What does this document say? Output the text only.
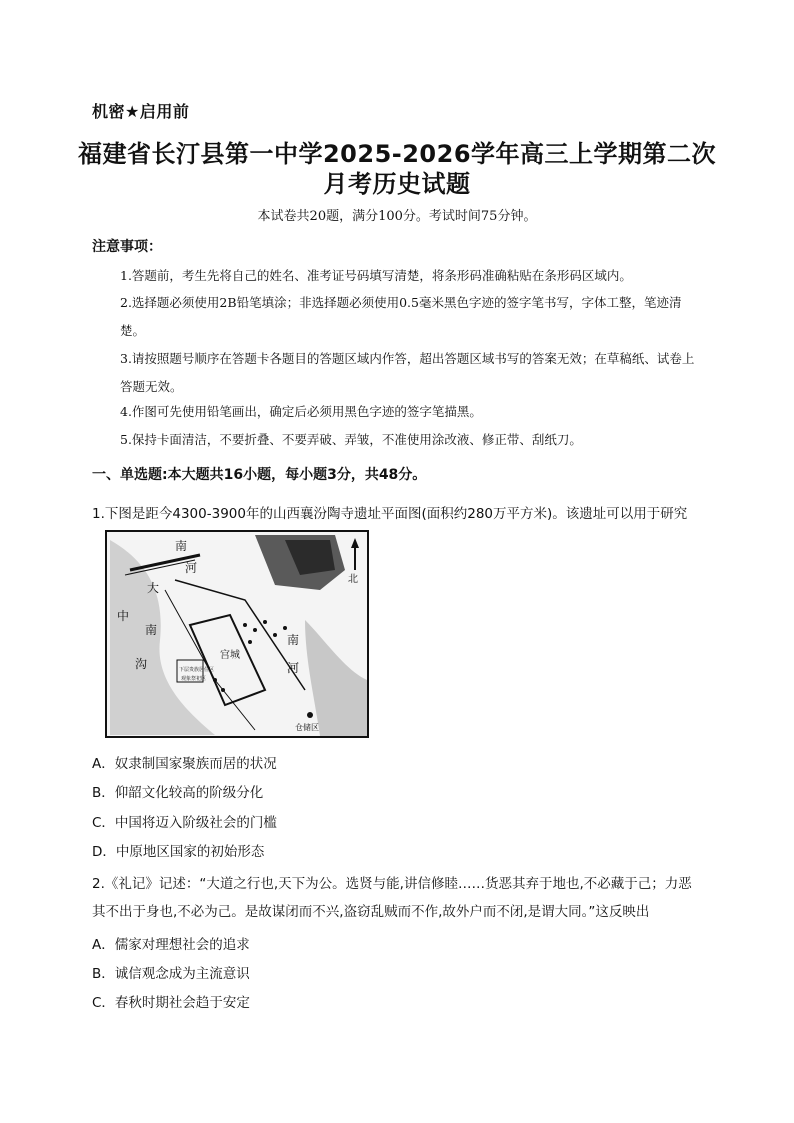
机密★启用前
福建省长汀县第一中学2025-2026学年高三上学期第二次
月考历史试题
本试卷共20题，满分100分。考试时间75分钟。
注意事项：
1.答题前，考生先将自己的姓名、准考证号码填写清楚，将条形码准确粘贴在条形码区域内。
2.选择题必须使用2B铅笔填涂；非选择题必须使用0.5毫米黑色字迹的签字笔书写，字体工整，笔迹清楚。
3.请按照题号顺序在答题卡各题目的答题区域内作答，超出答题区域书写的答案无效；在草稿纸、试卷上答题无效。
4.作图可先使用铅笔画出，确定后必须用黑色字迹的签字笔描黑。
5.保持卡面清洁，不要折叠、不要弄破、弄皱，不准使用涂改液、修正带、刮纸刀。
一、单选题:本大题共16小题，每小题3分，共48分。
1.下图是距今4300-3900年的山西襄汾陶寺遗址平面图(面积约280万平方米)。该遗址可以用于研究
北
南
河
大
中
沟
南
宫城
南
河
仓储区
下层贵族居住区
观象祭祀区
A．奴隶制国家聚族而居的状况
B．仰韶文化较高的阶级分化
C．中国将迈入阶级社会的门槛
D．中原地区国家的初始形态
2.《礼记》记述：“大道之行也,天下为公。选贤与能,讲信修睦……货恶其弃于地也,不必藏于己；力恶其不出于身也,不必为己。是故谋闭而不兴,盗窃乱贼而不作,故外户而不闭,是谓大同。”这反映出
A．儒家对理想社会的追求
B．诚信观念成为主流意识
C．春秋时期社会趋于安定
